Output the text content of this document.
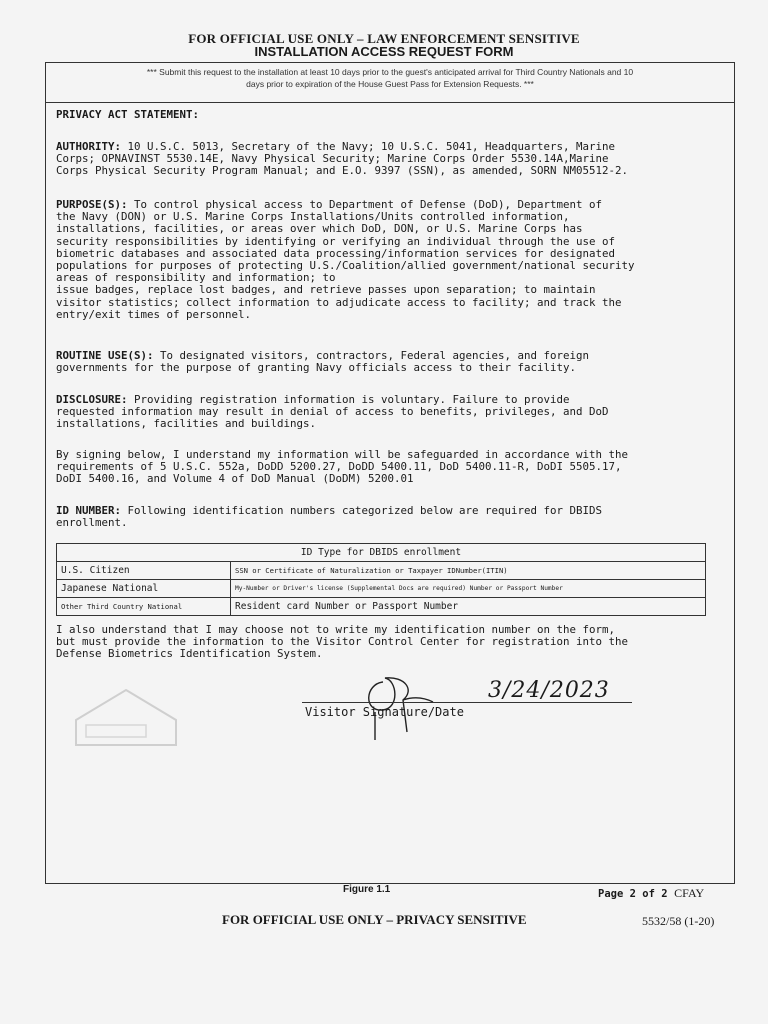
FOR OFFICIAL USE ONLY – LAW ENFORCEMENT SENSITIVE
INSTALLATION ACCESS REQUEST FORM
*** Submit this request to the installation at least 10 days prior to the guest's anticipated arrival for Third Country Nationals and 10
days prior to expiration of the House Guest Pass for Extension Requests. ***
PRIVACY ACT STATEMENT:
AUTHORITY: 10 U.S.C. 5013, Secretary of the Navy; 10 U.S.C. 5041, Headquarters, Marine
Corps; OPNAVINST 5530.14E, Navy Physical Security; Marine Corps Order 5530.14A,Marine
Corps Physical Security Program Manual; and E.O. 9397 (SSN), as amended, SORN NM05512-2.
PURPOSE(S): To control physical access to Department of Defense (DoD), Department of
the Navy (DON) or U.S. Marine Corps Installations/Units controlled information,
installations, facilities, or areas over which DoD, DON, or U.S. Marine Corps has
security responsibilities by identifying or verifying an individual through the use of
biometric databases and associated data processing/information services for designated
populations for purposes of protecting U.S./Coalition/allied government/national security
areas of responsibility and information; to
issue badges, replace lost badges, and retrieve passes upon separation; to maintain
visitor statistics; collect information to adjudicate access to facility; and track the
entry/exit times of personnel.
ROUTINE USE(S): To designated visitors, contractors, Federal agencies, and foreign
governments for the purpose of granting Navy officials access to their facility.
DISCLOSURE: Providing registration information is voluntary. Failure to provide
requested information may result in denial of access to benefits, privileges, and DoD
installations, facilities and buildings.
By signing below, I understand my information will be safeguarded in accordance with the
requirements of 5 U.S.C. 552a, DoDD 5200.27, DoDD 5400.11, DoD 5400.11-R, DoDI 5505.17,
DoDI 5400.16, and Volume 4 of DoD Manual (DoDM) 5200.01
ID NUMBER: Following identification numbers categorized below are required for DBIDS
enrollment.
ID Type for DBIDS enrollment	
U.S. Citizen	SSN or Certificate of Naturalization or Taxpayer IDNumber(ITIN)
Japanese National	My-Number or Driver's license (Supplemental Docs are required) Number or Passport Number
Other Third Country National	Resident card Number or Passport Number
I also understand that I may choose not to write my identification number on the form,
but must provide the information to the Visitor Control Center for registration into the
Defense Biometrics Identification System.
3/24/2023
Visitor Signature/Date
Figure 1.1	Page 2 of 2 CFAY
FOR OFFICIAL USE ONLY – PRIVACY SENSITIVE	5532/58 (1-20)
